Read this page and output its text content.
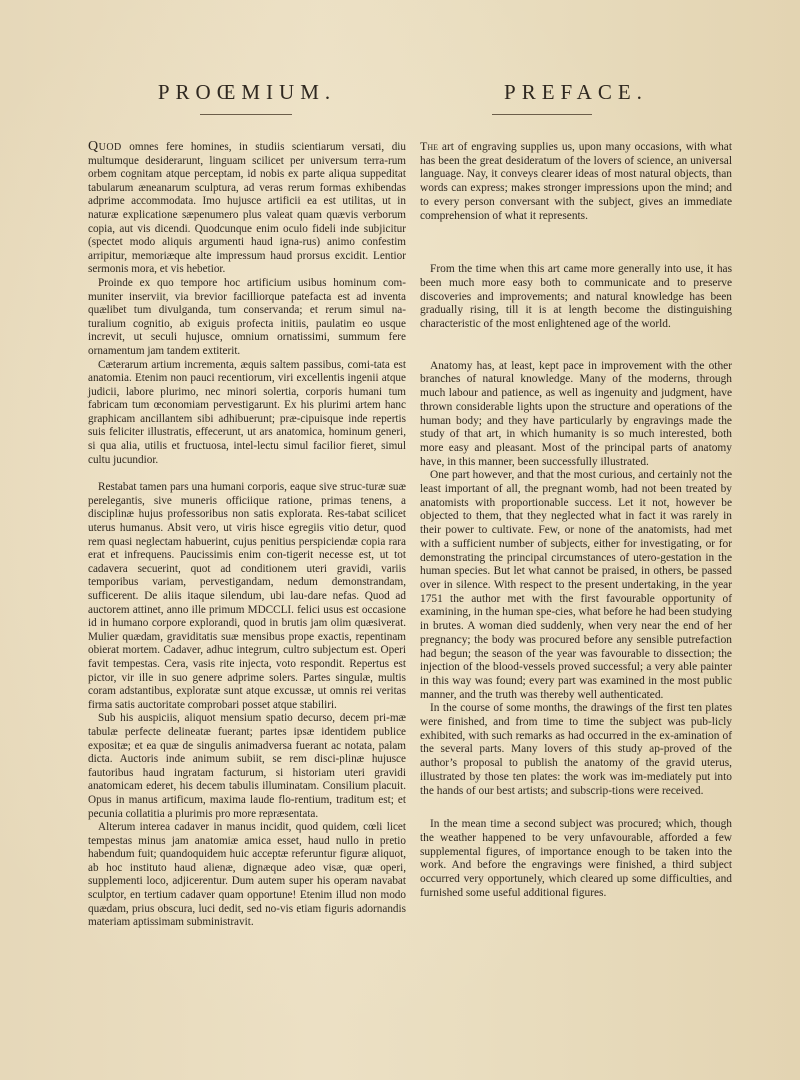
PROŒMIUM.

Quod omnes fere homines, in studiis scientiarum versati, diu multumque desiderarunt, linguam scilicet per universum terra-rum orbem cognitam atque perceptam, id nobis ex parte aliqua suppeditat tabularum æneanarum sculptura, ad veras rerum formas exhibendas adprime accommodata. Imo hujusce artificii ea est utilitas, ut in naturæ explicatione sæpenumero plus valeat quam quævis verborum copia, aut vis dicendi. Quodcunque enim oculo fideli inde subjicitur (spectet modo aliquis argumenti haud igna-rus) animo confestim arripitur, memoriæque alte impressum haud prorsus excidit. Lentior sermonis mora, et vis hebetior.

Proinde ex quo tempore hoc artificium usibus hominum com-muniter inserviit, via brevior facilliorque patefacta est ad inventa quælibet tum divulganda, tum conservanda; et rerum simul na-turalium cognitio, ab exiguis profecta initiis, paulatim eo usque increvit, ut seculi hujusce, omnium ornatissimi, summum fere ornamentum jam tandem extiterit.

Cæterarum artium incrementa, æquis saltem passibus, comi-tata est anatomia. Etenim non pauci recentiorum, viri excellentis ingenii atque judicii, labore plurimo, nec minori solertia, corporis humani tum fabricam tum œconomiam pervestigarunt. Ex his plurimi artem hanc graphicam ancillantem sibi adhibuerunt; præ-cipuisque inde repertis suis feliciter illustratis, effecerunt, ut ars anatomica, hominum generi, si qua alia, utilis et fructuosa, intel-lectu simul facilior fieret, simul cultu jucundior.

Restabat tamen pars una humani corporis, eaque sive struc-turæ suæ perelegantis, sive muneris officiique ratione, primas tenens, a disciplinæ hujus professoribus non satis explorata. Res-tabat scilicet uterus humanus. Absit vero, ut viris hisce egregiis vitio detur, quod rem quasi neglectam habuerint, cujus penitius perspiciendæ copia rara erat et infrequens. Paucissimis enim con-tigerit necesse est, ut tot cadavera secuerint, quot ad conditionem uteri gravidi, variis temporibus variam, pervestigandam, nedum demonstrandam, sufficerent. De aliis itaque silendum, ubi lau-dare nefas. Quod ad auctorem attinet, anno ille primum MDCCLI. felici usus est occasione id in humano corpore explorandi, quod in brutis jam olim quæsiverat. Mulier quædam, graviditatis suæ mensibus prope exactis, repentinam obierat mortem. Cadaver, adhuc integrum, cultro subjectum est. Operi favit tempestas. Cera, vasis rite injecta, voto respondit. Repertus est pictor, vir ille in suo genere adprime solers. Partes singulæ, multis coram adstantibus, exploratæ sunt atque excussæ, ut omnis rei veritas firma satis auctoritate comprobari posset atque stabiliri.

Sub his auspiciis, aliquot mensium spatio decurso, decem pri-mæ tabulæ perfecte delineatæ fuerant; partes ipsæ identidem publice expositæ; et ea quæ de singulis animadversa fuerant ac notata, palam dicta. Auctoris inde animum subiit, se rem disci-plinæ hujusce fautoribus haud ingratam facturum, si historiam uteri gravidi anatomicam ederet, his decem tabulis illuminatam. Consilium placuit. Opus in manus artificum, maxima laude flo-rentium, traditum est; et pecunia collatitia a plurimis pro more repræsentata.

Alterum interea cadaver in manus incidit, quod quidem, cœli licet tempestas minus jam anatomiæ amica esset, haud nullo in pretio habendum fuit; quandoquidem huic acceptæ referuntur figuræ aliquot, ab hoc instituto haud alienæ, dignæque adeo visæ, quæ operi, supplementi loco, adjicerentur. Dum autem super his operam navabat sculptor, en tertium cadaver quam opportune! Etenim illud non modo quædam, prius obscura, luci dedit, sed no-vis etiam figuris adornandis materiam aptissimam subministravit.

PREFACE.

The art of engraving supplies us, upon many occasions, with what has been the great desideratum of the lovers of science, an universal language. Nay, it conveys clearer ideas of most natural objects, than words can express; makes stronger impressions upon the mind; and to every person conversant with the subject, gives an immediate comprehension of what it represents.

From the time when this art came more generally into use, it has been much more easy both to communicate and to preserve discoveries and improvements; and natural knowledge has been gradually rising, till it is at length become the distinguishing characteristic of the most enlightened age of the world.

Anatomy has, at least, kept pace in improvement with the other branches of natural knowledge. Many of the moderns, through much labour and patience, as well as ingenuity and judgment, have thrown considerable lights upon the structure and operations of the human body; and they have particularly by engravings made the study of that art, in which humanity is so much interested, both more easy and pleasant. Most of the principal parts of anatomy have, in this manner, been successfully illustrated.

One part however, and that the most curious, and certainly not the least important of all, the pregnant womb, had not been treated by anatomists with proportionable success. Let it not, however be objected to them, that they neglected what in fact it was rarely in their power to cultivate. Few, or none of the anatomists, had met with a sufficient number of subjects, either for investigating, or for demonstrating the principal circumstances of utero-gestation in the human species. But let what cannot be praised, in others, be passed over in silence. With respect to the present undertaking, in the year 1751 the author met with the first favourable opportunity of examining, in the human spe-cies, what before he had been studying in brutes. A woman died suddenly, when very near the end of her pregnancy; the body was procured before any sensible putrefaction had begun; the season of the year was favourable to dissection; the injection of the blood-vessels proved successful; a very able painter in this way was found; every part was examined in the most public manner, and the truth was thereby well authenticated.

In the course of some months, the drawings of the first ten plates were finished, and from time to time the subject was pub-licly exhibited, with such remarks as had occurred in the ex-amination of the several parts. Many lovers of this study ap-proved of the author’s proposal to publish the anatomy of the gravid uterus, illustrated by those ten plates: the work was im-mediately put into the hands of our best artists; and subscrip-tions were received.

In the mean time a second subject was procured; which, though the weather happened to be very unfavourable, afforded a few supplemental figures, of importance enough to be taken into the work. And before the engravings were finished, a third subject occurred very opportunely, which cleared up some difficulties, and furnished some useful additional figures.
